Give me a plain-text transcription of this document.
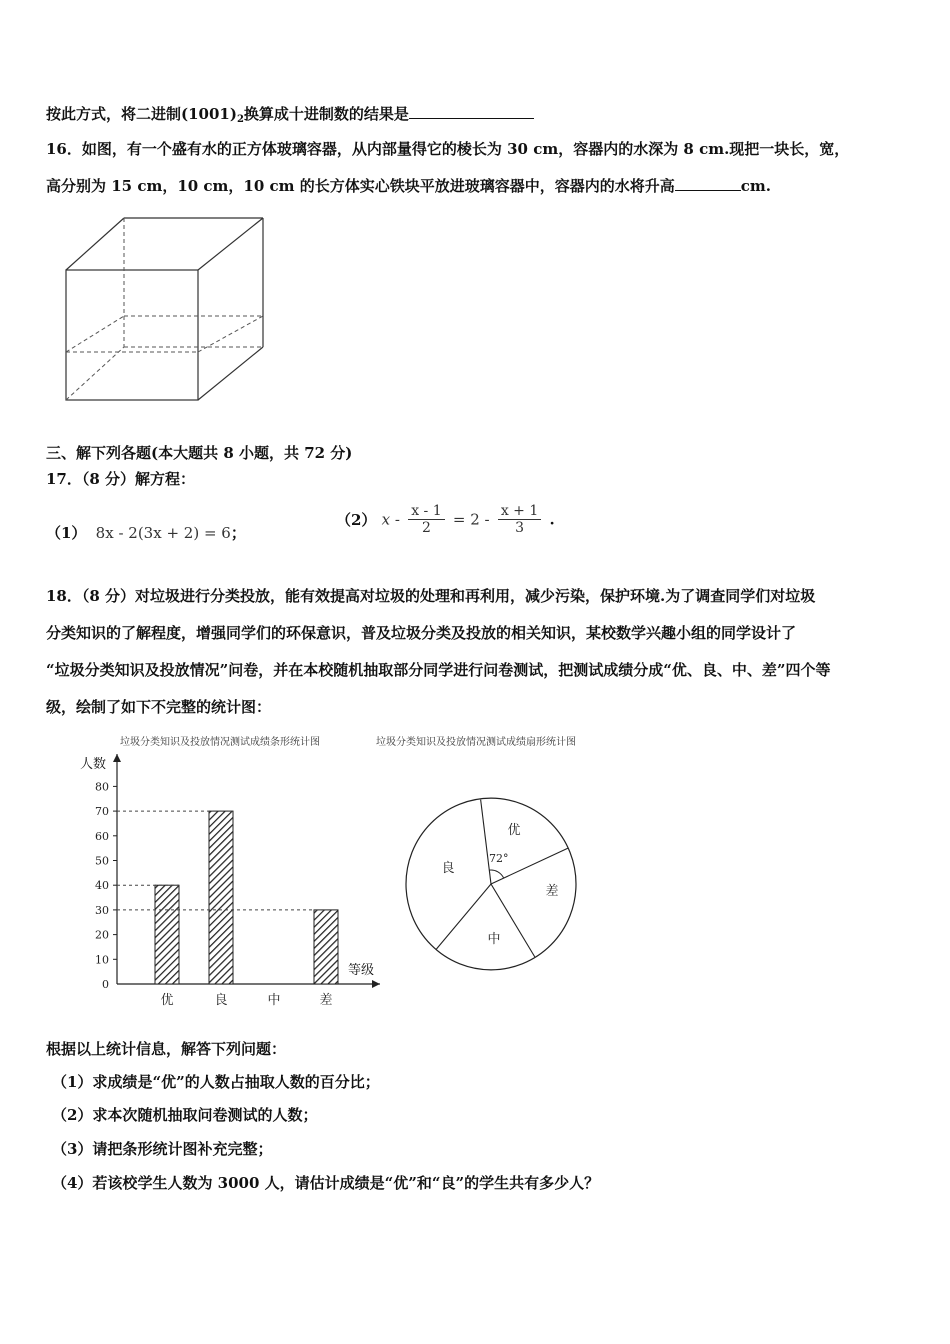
按此方式，将二进制$(1001)_2$换算成十进制数的结果是
16．如图，有一个盛有水的正方体玻璃容器，从内部量得它的棱长为 30 cm，容器内的水深为 8 cm.现把一块长，宽，
高分别为 15 cm，10 cm，10 cm 的长方体实心铁块平放进玻璃容器中，容器内的水将升高	cm.
三、解下列各题(本大题共 8 小题，共 72 分)
17．（8 分）解方程：
（1） 8x - 2(3x + 2) = 6；
（2） $x - \frac{x - 1}{2} = 2 - \frac{x + 1}{3}$ .
18．（8 分）对垃圾进行分类投放，能有效提高对垃圾的处理和再利用，减少污染，保护环境.为了调查同学们对垃圾
分类知识的了解程度，增强同学们的环保意识，普及垃圾分类及投放的相关知识，某校数学兴趣小组的同学设计了
“垃圾分类知识及投放情况”问卷，并在本校随机抽取部分同学进行问卷测试，把测试成绩分成“优、良、中、差”四个等
级，绘制了如下不完整的统计图：
垃圾分类知识及投放情况测试成绩条形统计图
人数
等级
0
10
20
30
40
50
60
70
80
优	良	中	差
垃圾分类知识及投放情况测试成绩扇形统计图
72°
优
差
中
良
根据以上统计信息，解答下列问题：
（1）求成绩是“优”的人数占抽取人数的百分比；
（2）求本次随机抽取问卷测试的人数；
（3）请把条形统计图补充完整；
（4）若该校学生人数为 3000 人，请估计成绩是“优”和“良”的学生共有多少人？
